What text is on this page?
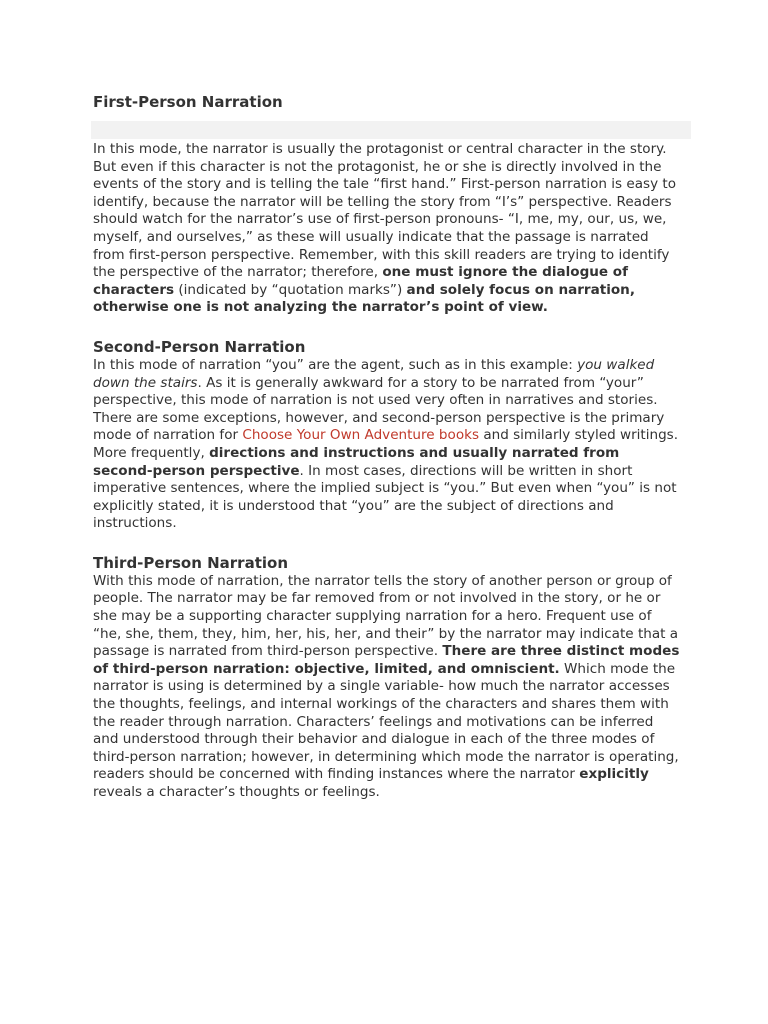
First-Person Narration

In this mode, the narrator is usually the protagonist or central character in the story. But even if this character is not the protagonist, he or she is directly involved in the events of the story and is telling the tale “first hand.” First-person narration is easy to identify, because the narrator will be telling the story from “I’s” perspective. Readers should watch for the narrator’s use of first-person pronouns- “I, me, my, our, us, we, myself, and ourselves,” as these will usually indicate that the passage is narrated from first-person perspective. Remember, with this skill readers are trying to identify the perspective of the narrator; therefore, one must ignore the dialogue of characters (indicated by “quotation marks”) and solely focus on narration, otherwise one is not analyzing the narrator’s point of view.

Second-Person Narration

In this mode of narration “you” are the agent, such as in this example: you walked down the stairs. As it is generally awkward for a story to be narrated from “your” perspective, this mode of narration is not used very often in narratives and stories. There are some exceptions, however, and second-person perspective is the primary mode of narration for Choose Your Own Adventure books and similarly styled writings. More frequently, directions and instructions and usually narrated from second-person perspective. In most cases, directions will be written in short imperative sentences, where the implied subject is “you.” But even when “you” is not explicitly stated, it is understood that “you” are the subject of directions and instructions.

Third-Person Narration

With this mode of narration, the narrator tells the story of another person or group of people. The narrator may be far removed from or not involved in the story, or he or she may be a supporting character supplying narration for a hero. Frequent use of “he, she, them, they, him, her, his, her, and their” by the narrator may indicate that a passage is narrated from third-person perspective. There are three distinct modes of third-person narration: objective, limited, and omniscient. Which mode the narrator is using is determined by a single variable- how much the narrator accesses the thoughts, feelings, and internal workings of the characters and shares them with the reader through narration. Characters’ feelings and motivations can be inferred and understood through their behavior and dialogue in each of the three modes of third-person narration; however, in determining which mode the narrator is operating, readers should be concerned with finding instances where the narrator explicitly reveals a character’s thoughts or feelings.
